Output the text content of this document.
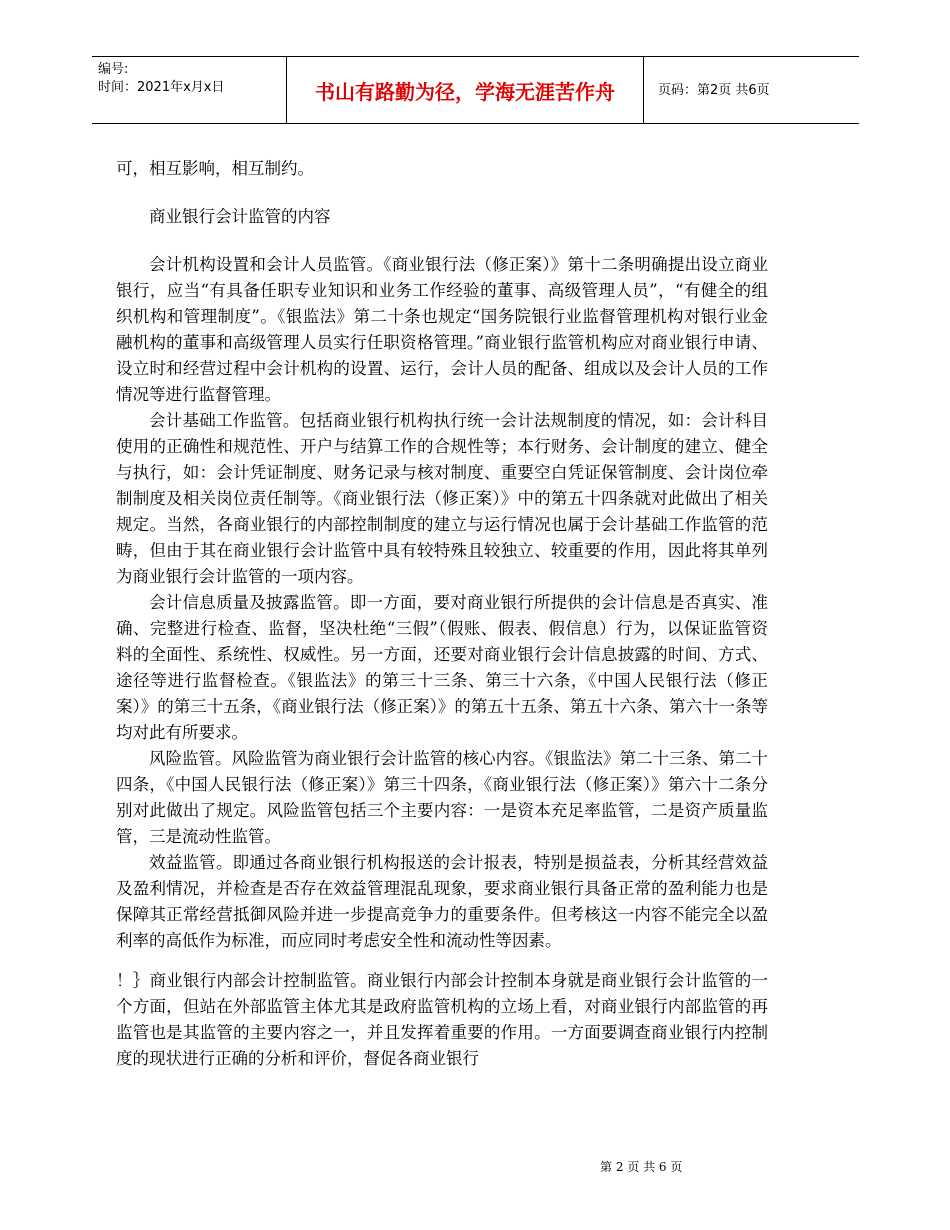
编号:
时间：2021年x月x日	书山有路勤为径，学海无涯苦作舟	页码：第2页 共6页

可，相互影响，相互制约。

商业银行会计监管的内容

会计机构设置和会计人员监管。《商业银行法（修正案）》第十二条明确提出设立商业银行，应当“有具备任职专业知识和业务工作经验的董事、高级管理人员”，“有健全的组织机构和管理制度”。《银监法》第二十条也规定“国务院银行业监督管理机构对银行业金融机构的董事和高级管理人员实行任职资格管理。”商业银行监管机构应对商业银行申请、设立时和经营过程中会计机构的设置、运行，会计人员的配备、组成以及会计人员的工作情况等进行监督管理。

会计基础工作监管。包括商业银行机构执行统一会计法规制度的情况，如：会计科目使用的正确性和规范性、开户与结算工作的合规性等；本行财务、会计制度的建立、健全与执行，如：会计凭证制度、财务记录与核对制度、重要空白凭证保管制度、会计岗位牵制制度及相关岗位责任制等。《商业银行法（修正案）》中的第五十四条就对此做出了相关规定。当然，各商业银行的内部控制制度的建立与运行情况也属于会计基础工作监管的范畴，但由于其在商业银行会计监管中具有较特殊且较独立、较重要的作用，因此将其单列为商业银行会计监管的一项内容。

会计信息质量及披露监管。即一方面，要对商业银行所提供的会计信息是否真实、准确、完整进行检查、监督，坚决杜绝“三假”（假账、假表、假信息）行为，以保证监管资料的全面性、系统性、权威性。另一方面，还要对商业银行会计信息披露的时间、方式、途径等进行监督检查。《银监法》的第三十三条、第三十六条，《中国人民银行法（修正案）》的第三十五条，《商业银行法（修正案）》的第五十五条、第五十六条、第六十一条等均对此有所要求。

风险监管。风险监管为商业银行会计监管的核心内容。《银监法》第二十三条、第二十四条，《中国人民银行法（修正案）》第三十四条，《商业银行法（修正案）》第六十二条分别对此做出了规定。风险监管包括三个主要内容：一是资本充足率监管，二是资产质量监管，三是流动性监管。

效益监管。即通过各商业银行机构报送的会计报表，特别是损益表，分析其经营效益及盈利情况，并检查是否存在效益管理混乱现象，要求商业银行具备正常的盈利能力也是保障其正常经营抵御风险并进一步提高竞争力的重要条件。但考核这一内容不能完全以盈利率的高低作为标准，而应同时考虑安全性和流动性等因素。

！｝商业银行内部会计控制监管。商业银行内部会计控制本身就是商业银行会计监管的一个方面，但站在外部监管主体尤其是政府监管机构的立场上看，对商业银行内部监管的再监管也是其监管的主要内容之一，并且发挥着重要的作用。一方面要调查商业银行内控制度的现状进行正确的分析和评价，督促各商业银行

第 2 页 共 6 页
